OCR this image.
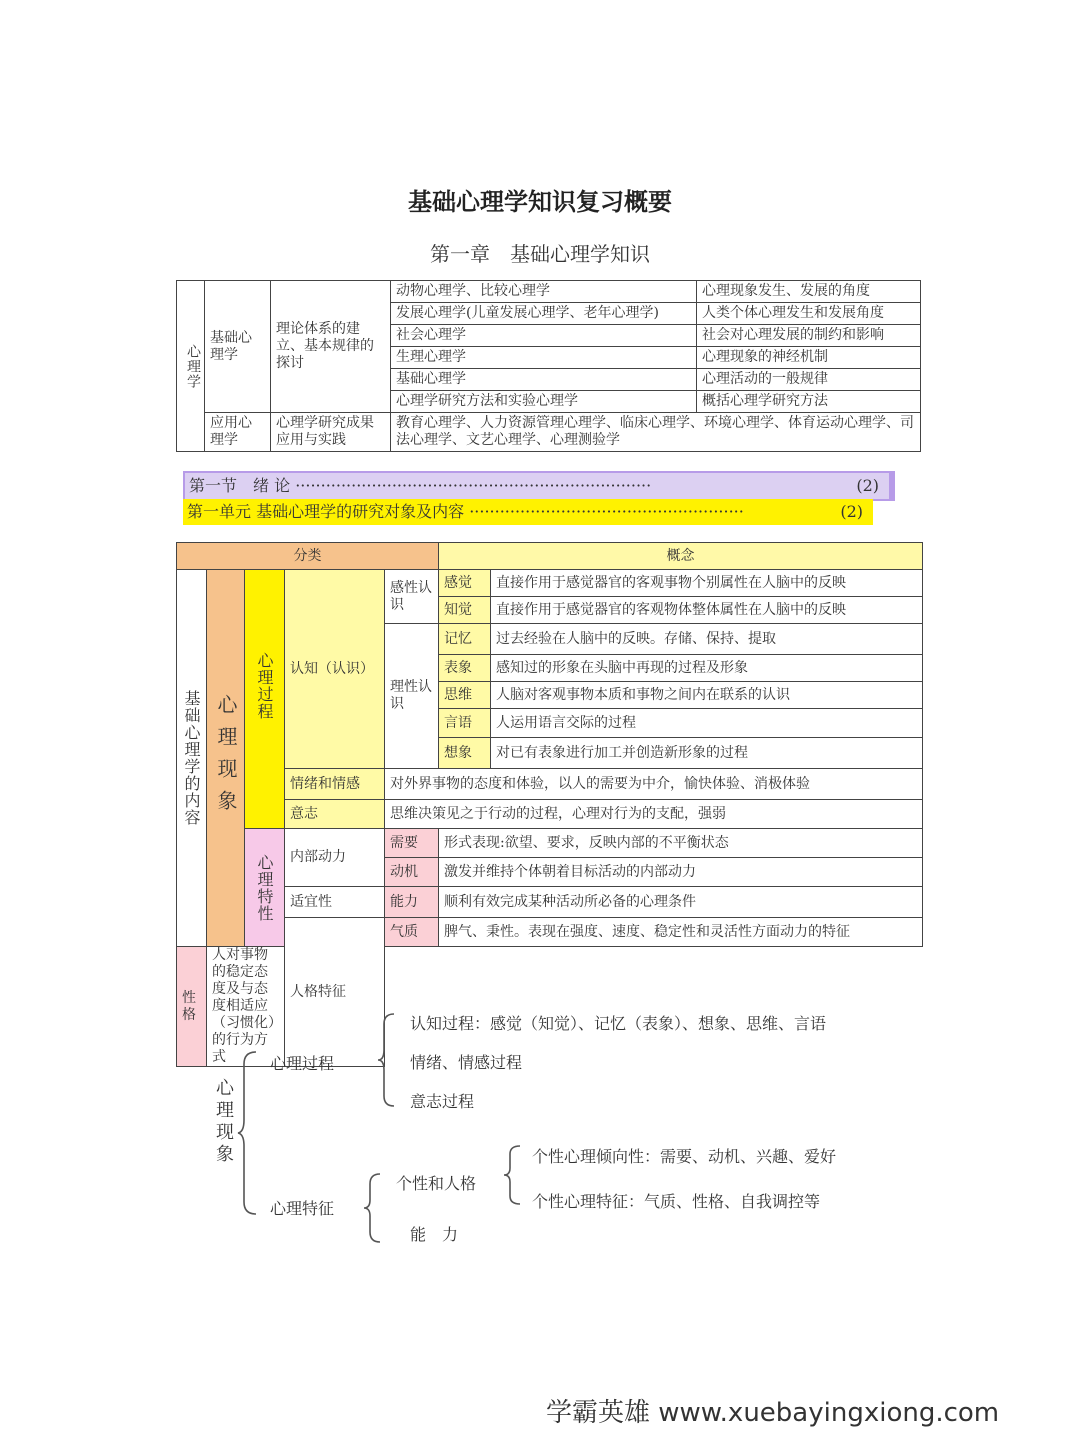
基础心理学知识复习概要
第一章　基础心理学知识
心理学	基础心理学	理论体系的建立、基本规律的探讨	动物心理学、比较心理学	心理现象发生、发展的角度
			发展心理学(儿童发展心理学、老年心理学)	人类个体心理发生和发展角度
			社会心理学	社会对心理发展的制约和影响
			生理心理学	心理现象的神经机制
			基础心理学	心理活动的一般规律
			心理学研究方法和实验心理学	概括心理学研究方法
	应用心理学	心理学研究成果应用与实践	教育心理学、人力资源管理心理学、临床心理学、环境心理学、体育运动心理学、司法心理学、文艺心理学、心理测验学	
第一节　绪 论 ······································································	(2)
第一单元 基础心理学的研究对象及内容 ······················································	(2)
分类					概念	

基础心理学的内容	心理现象	心理过程	认知（认识）	感性认识	感觉	直接作用于感觉器官的客观事物个别属性在人脑中的反映
					知觉	直接作用于感觉器官的客观物体整体属性在人脑中的反映
				理性认识	记忆	过去经验在人脑中的反映。存储、保持、提取
					表象	感知过的形象在头脑中再现的过程及形象
					思维	人脑对客观事物本质和事物之间内在联系的认识
					言语	人运用语言交际的过程
					想象	对已有表象进行加工并创造新形象的过程
			情绪和情感	对外界事物的态度和体验，以人的需要为中介，愉快体验、消极体验		
			意志	思维决策见之于行动的过程，心理对行为的支配，强弱		

		心理特性	内部动力	需要	形式表现:欲望、要求，反映内部的不平衡状态	
				动机	激发并维持个体朝着目标活动的内部动力	
			适宜性	能力	顺利有效完成某种活动所必备的心理条件	
			人格特征	气质	脾气、秉性。表现在强度、速度、稳定性和灵活性方面动力的特征	
性格	人对事物的稳定态度及与态度相适应（习惯化）的行为方式					
心理现象
心理过程
认知过程：感觉（知觉）、记忆（表象）、想象、思维、言语
情绪、情感过程
意志过程
心理特征
个性和人格
能　力
个性心理倾向性：需要、动机、兴趣、爱好
个性心理特征：气质、性格、自我调控等
学霸英雄 www.xuebayingxiong.com
